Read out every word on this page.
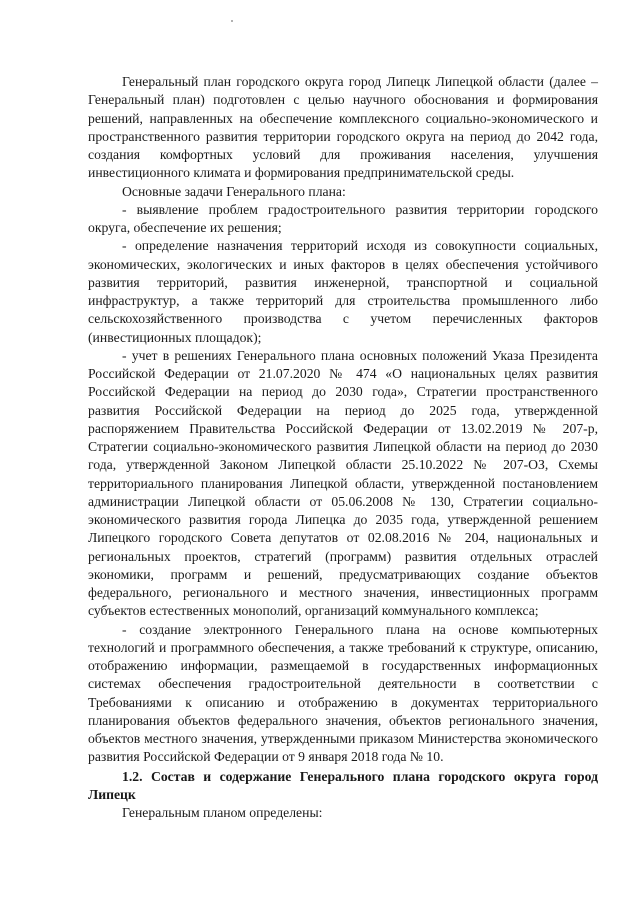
Генеральный план городского округа город Липецк Липецкой области (далее – Генеральный план) подготовлен с целью научного обоснования и формирования решений, направленных на обеспечение комплексного социально-экономического и пространственного развития территории городского округа на период до 2042 года, создания комфортных условий для проживания населения, улучшения инвестиционного климата и формирования предпринимательской среды.

Основные задачи Генерального плана:

- выявление проблем градостроительного развития территории городского округа, обеспечение их решения;

- определение назначения территорий исходя из совокупности социальных, экономических, экологических и иных факторов в целях обеспечения устойчивого развития территорий, развития инженерной, транспортной и социальной инфраструктур, а также территорий для строительства промышленного либо сельскохозяйственного производства с учетом перечисленных факторов (инвестиционных площадок);

- учет в решениях Генерального плана основных положений Указа Президента Российской Федерации от 21.07.2020 № 474 «О национальных целях развития Российской Федерации на период до 2030 года», Стратегии пространственного развития Российской Федерации на период до 2025 года, утвержденной распоряжением Правительства Российской Федерации от 13.02.2019 № 207-р, Стратегии социально-экономического развития Липецкой области на период до 2030 года, утвержденной Законом Липецкой области 25.10.2022 № 207-ОЗ, Схемы территориального планирования Липецкой области, утвержденной постановлением администрации Липецкой области от 05.06.2008 № 130, Стратегии социально-экономического развития города Липецка до 2035 года, утвержденной решением Липецкого городского Совета депутатов от 02.08.2016 № 204, национальных и региональных проектов, стратегий (программ) развития отдельных отраслей экономики, программ и решений, предусматривающих создание объектов федерального, регионального и местного значения, инвестиционных программ субъектов естественных монополий, организаций коммунального комплекса;

- создание электронного Генерального плана на основе компьютерных технологий и программного обеспечения, а также требований к структуре, описанию, отображению информации, размещаемой в государственных информационных системах обеспечения градостроительной деятельности в соответствии с Требованиями к описанию и отображению в документах территориального планирования объектов федерального значения, объектов регионального значения, объектов местного значения, утвержденными приказом Министерства экономического развития Российской Федерации от 9 января 2018 года № 10.

1.2. Состав и содержание Генерального плана городского округа город Липецк

Генеральным планом определены:
